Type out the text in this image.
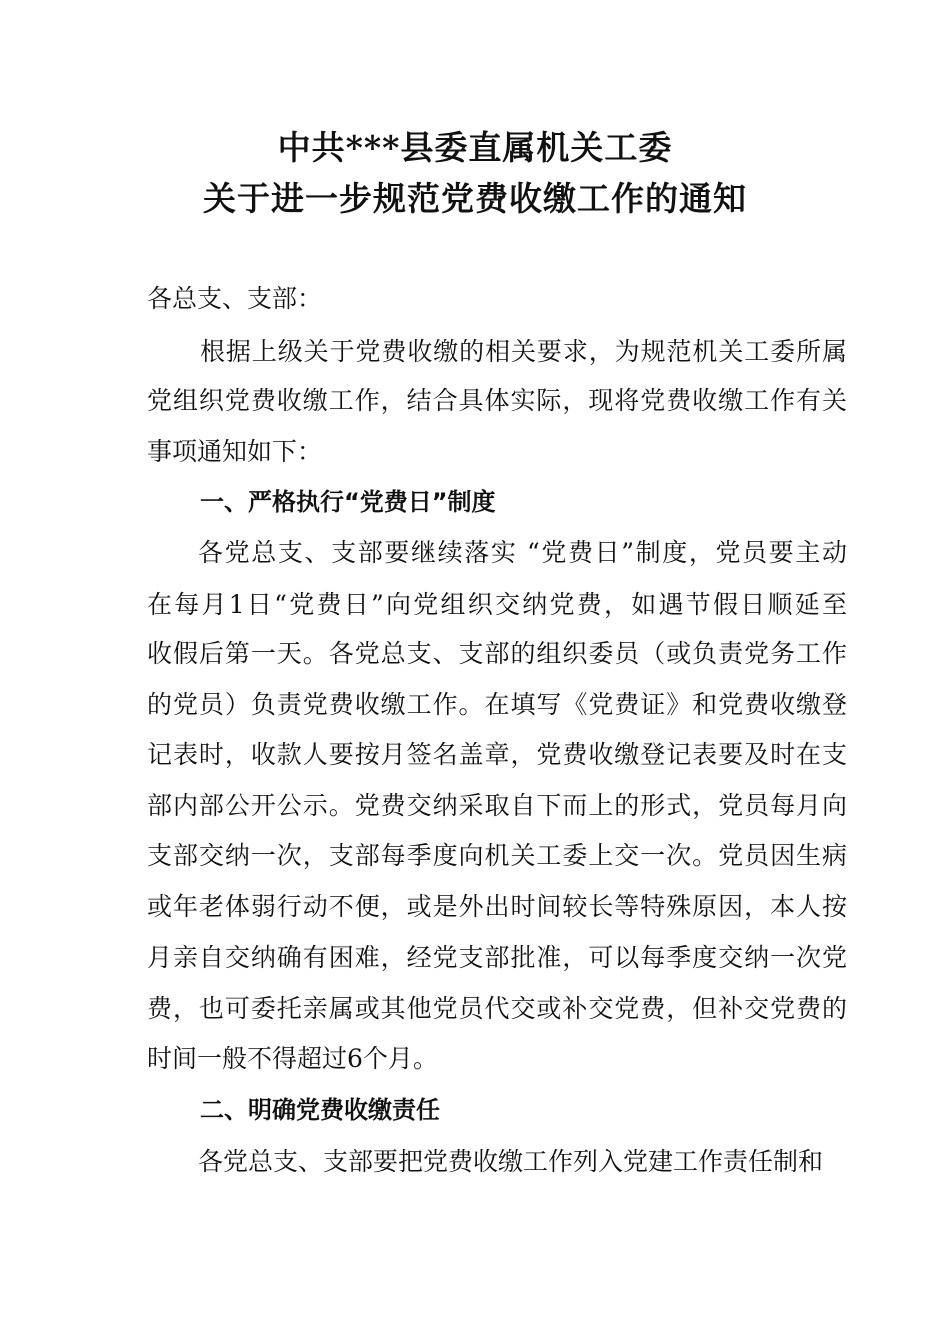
中共***县委直属机关工委
关于进一步规范党费收缴工作的通知
各总支、支部：
根据上级关于党费收缴的相关要求，为规范机关工委所属
党组织党费收缴工作，结合具体实际，现将党费收缴工作有关
事项通知如下：
一、严格执行“党费日”制度
各党总支、支部要继续落实 “党费日”制度，党员要主动
在每月1日“党费日”向党组织交纳党费，如遇节假日顺延至
收假后第一天。各党总支、支部的组织委员（或负责党务工作
的党员）负责党费收缴工作。在填写《党费证》和党费收缴登
记表时，收款人要按月签名盖章，党费收缴登记表要及时在支
部内部公开公示。党费交纳采取自下而上的形式，党员每月向
支部交纳一次，支部每季度向机关工委上交一次。党员因生病
或年老体弱行动不便，或是外出时间较长等特殊原因，本人按
月亲自交纳确有困难，经党支部批准，可以每季度交纳一次党
费，也可委托亲属或其他党员代交或补交党费，但补交党费的
时间一般不得超过6个月。
二、明确党费收缴责任
各党总支、支部要把党费收缴工作列入党建工作责任制和
